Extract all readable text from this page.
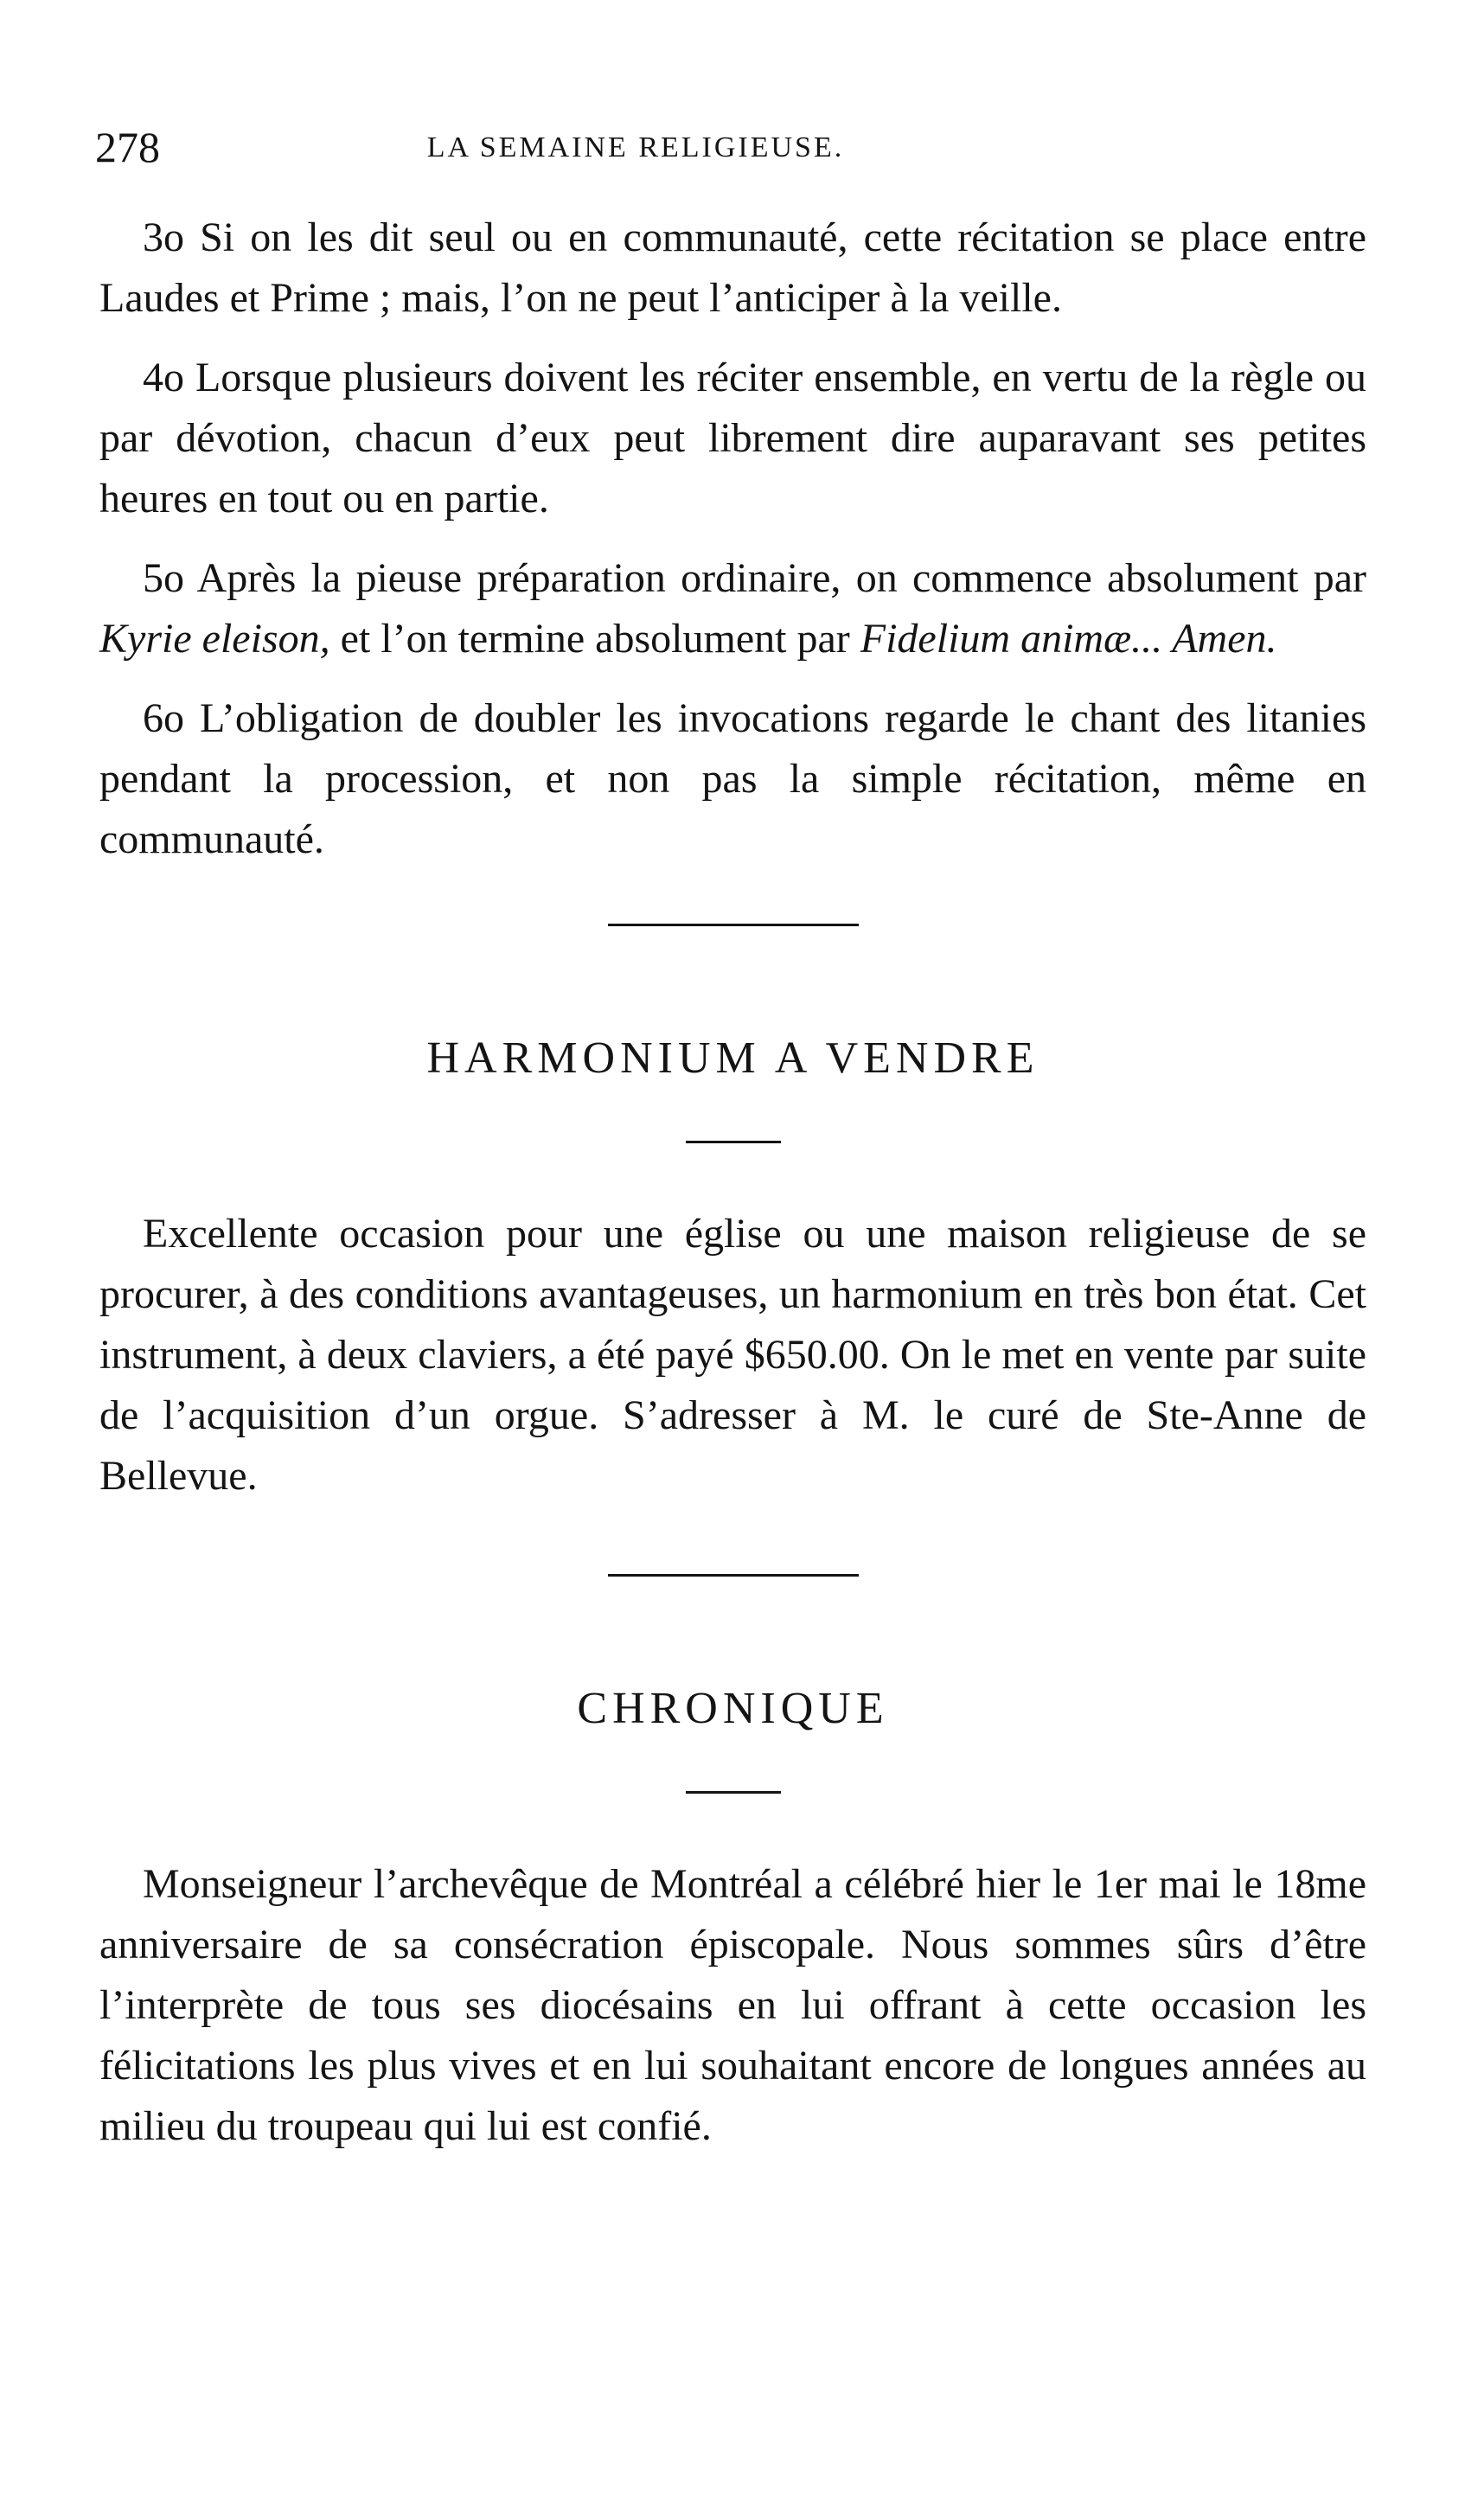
278	LA SEMAINE RELIGIEUSE.

3o Si on les dit seul ou en communauté, cette récitation se place entre Laudes et Prime ; mais, l’on ne peut l’anticiper à la veille.

4o Lorsque plusieurs doivent les réciter ensemble, en vertu de la règle ou par dévotion, chacun d’eux peut librement dire auparavant ses petites heures en tout ou en partie.

5o Après la pieuse préparation ordinaire, on commence absolument par Kyrie eleison, et l’on termine absolument par Fidelium animæ... Amen.

6o L’obligation de doubler les invocations regarde le chant des litanies pendant la procession, et non pas la simple récitation, même en communauté.

HARMONIUM A VENDRE

Excellente occasion pour une église ou une maison religieuse de se procurer, à des conditions avantageuses, un harmonium en très bon état. Cet instrument, à deux claviers, a été payé $650.00. On le met en vente par suite de l’acquisition d’un orgue. S’adresser à M. le curé de Ste-Anne de Bellevue.

CHRONIQUE

Monseigneur l’archevêque de Montréal a célébré hier le 1er mai le 18me anniversaire de sa consécration épiscopale. Nous sommes sûrs d’être l’interprète de tous ses diocésains en lui offrant à cette occasion les félicitations les plus vives et en lui souhaitant encore de longues années au milieu du troupeau qui lui est confié.
